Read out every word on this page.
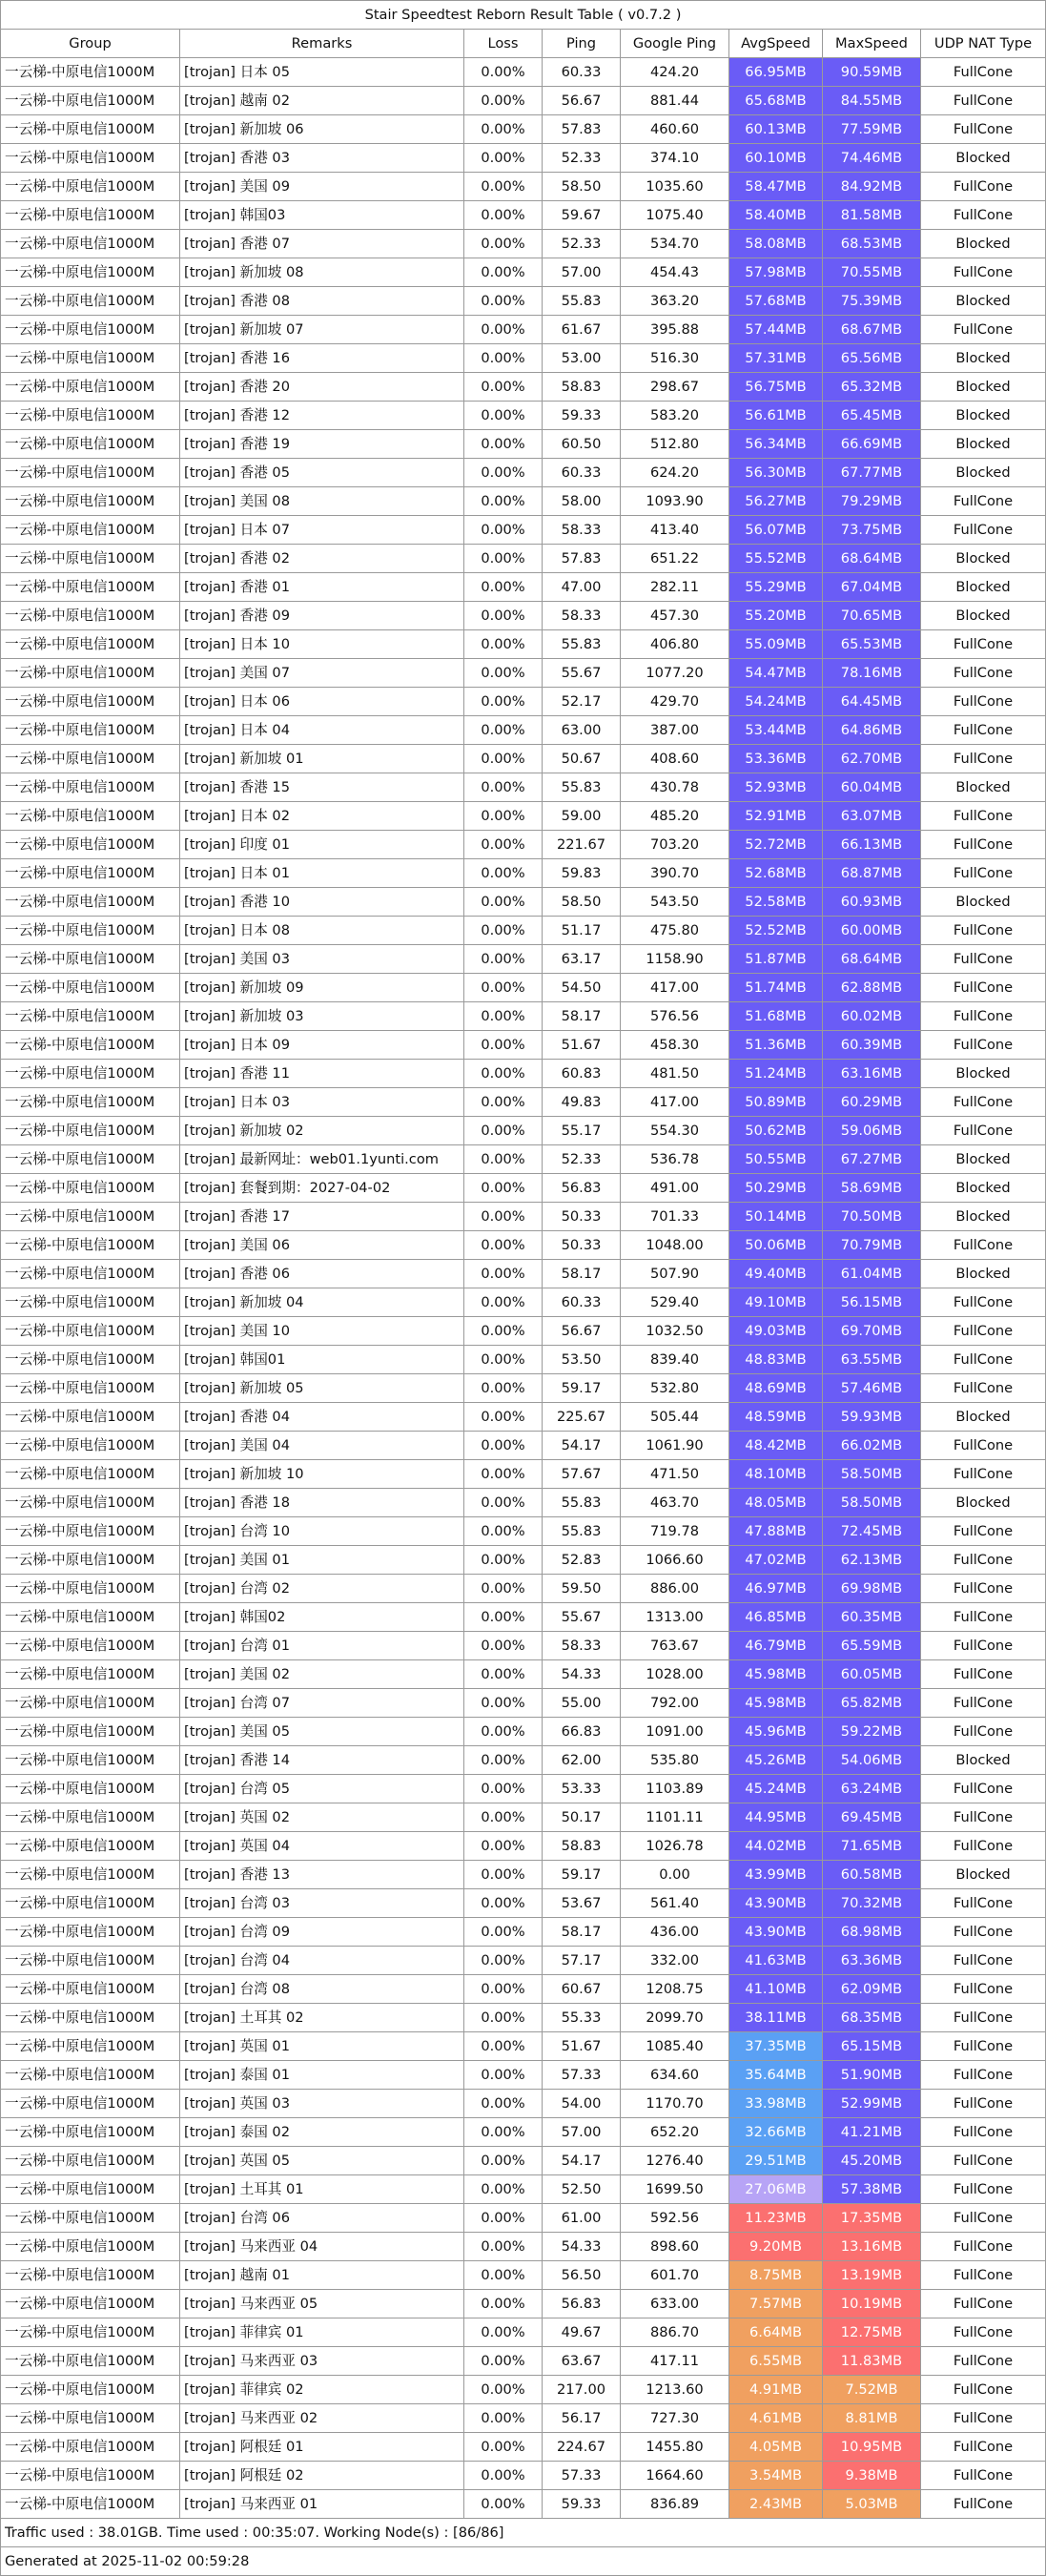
Stair Speedtest Reborn Result Table ( v0.7.2 )							
Group	Remarks	Loss	Ping	Google Ping	AvgSpeed	MaxSpeed	UDP NAT Type
一云梯-中原电信1000M	[trojan] 日本 05	0.00%	60.33	424.20	66.95MB	90.59MB	FullCone
一云梯-中原电信1000M	[trojan] 越南 02	0.00%	56.67	881.44	65.68MB	84.55MB	FullCone
一云梯-中原电信1000M	[trojan] 新加坡 06	0.00%	57.83	460.60	60.13MB	77.59MB	FullCone
一云梯-中原电信1000M	[trojan] 香港 03	0.00%	52.33	374.10	60.10MB	74.46MB	Blocked
一云梯-中原电信1000M	[trojan] 美国 09	0.00%	58.50	1035.60	58.47MB	84.92MB	FullCone
一云梯-中原电信1000M	[trojan] 韩国03	0.00%	59.67	1075.40	58.40MB	81.58MB	FullCone
一云梯-中原电信1000M	[trojan] 香港 07	0.00%	52.33	534.70	58.08MB	68.53MB	Blocked
一云梯-中原电信1000M	[trojan] 新加坡 08	0.00%	57.00	454.43	57.98MB	70.55MB	FullCone
一云梯-中原电信1000M	[trojan] 香港 08	0.00%	55.83	363.20	57.68MB	75.39MB	Blocked
一云梯-中原电信1000M	[trojan] 新加坡 07	0.00%	61.67	395.88	57.44MB	68.67MB	FullCone
一云梯-中原电信1000M	[trojan] 香港 16	0.00%	53.00	516.30	57.31MB	65.56MB	Blocked
一云梯-中原电信1000M	[trojan] 香港 20	0.00%	58.83	298.67	56.75MB	65.32MB	Blocked
一云梯-中原电信1000M	[trojan] 香港 12	0.00%	59.33	583.20	56.61MB	65.45MB	Blocked
一云梯-中原电信1000M	[trojan] 香港 19	0.00%	60.50	512.80	56.34MB	66.69MB	Blocked
一云梯-中原电信1000M	[trojan] 香港 05	0.00%	60.33	624.20	56.30MB	67.77MB	Blocked
一云梯-中原电信1000M	[trojan] 美国 08	0.00%	58.00	1093.90	56.27MB	79.29MB	FullCone
一云梯-中原电信1000M	[trojan] 日本 07	0.00%	58.33	413.40	56.07MB	73.75MB	FullCone
一云梯-中原电信1000M	[trojan] 香港 02	0.00%	57.83	651.22	55.52MB	68.64MB	Blocked
一云梯-中原电信1000M	[trojan] 香港 01	0.00%	47.00	282.11	55.29MB	67.04MB	Blocked
一云梯-中原电信1000M	[trojan] 香港 09	0.00%	58.33	457.30	55.20MB	70.65MB	Blocked
一云梯-中原电信1000M	[trojan] 日本 10	0.00%	55.83	406.80	55.09MB	65.53MB	FullCone
一云梯-中原电信1000M	[trojan] 美国 07	0.00%	55.67	1077.20	54.47MB	78.16MB	FullCone
一云梯-中原电信1000M	[trojan] 日本 06	0.00%	52.17	429.70	54.24MB	64.45MB	FullCone
一云梯-中原电信1000M	[trojan] 日本 04	0.00%	63.00	387.00	53.44MB	64.86MB	FullCone
一云梯-中原电信1000M	[trojan] 新加坡 01	0.00%	50.67	408.60	53.36MB	62.70MB	FullCone
一云梯-中原电信1000M	[trojan] 香港 15	0.00%	55.83	430.78	52.93MB	60.04MB	Blocked
一云梯-中原电信1000M	[trojan] 日本 02	0.00%	59.00	485.20	52.91MB	63.07MB	FullCone
一云梯-中原电信1000M	[trojan] 印度 01	0.00%	221.67	703.20	52.72MB	66.13MB	FullCone
一云梯-中原电信1000M	[trojan] 日本 01	0.00%	59.83	390.70	52.68MB	68.87MB	FullCone
一云梯-中原电信1000M	[trojan] 香港 10	0.00%	58.50	543.50	52.58MB	60.93MB	Blocked
一云梯-中原电信1000M	[trojan] 日本 08	0.00%	51.17	475.80	52.52MB	60.00MB	FullCone
一云梯-中原电信1000M	[trojan] 美国 03	0.00%	63.17	1158.90	51.87MB	68.64MB	FullCone
一云梯-中原电信1000M	[trojan] 新加坡 09	0.00%	54.50	417.00	51.74MB	62.88MB	FullCone
一云梯-中原电信1000M	[trojan] 新加坡 03	0.00%	58.17	576.56	51.68MB	60.02MB	FullCone
一云梯-中原电信1000M	[trojan] 日本 09	0.00%	51.67	458.30	51.36MB	60.39MB	FullCone
一云梯-中原电信1000M	[trojan] 香港 11	0.00%	60.83	481.50	51.24MB	63.16MB	Blocked
一云梯-中原电信1000M	[trojan] 日本 03	0.00%	49.83	417.00	50.89MB	60.29MB	FullCone
一云梯-中原电信1000M	[trojan] 新加坡 02	0.00%	55.17	554.30	50.62MB	59.06MB	FullCone
一云梯-中原电信1000M	[trojan] 最新网址：web01.1yunti.com	0.00%	52.33	536.78	50.55MB	67.27MB	Blocked
一云梯-中原电信1000M	[trojan] 套餐到期：2027-04-02	0.00%	56.83	491.00	50.29MB	58.69MB	Blocked
一云梯-中原电信1000M	[trojan] 香港 17	0.00%	50.33	701.33	50.14MB	70.50MB	Blocked
一云梯-中原电信1000M	[trojan] 美国 06	0.00%	50.33	1048.00	50.06MB	70.79MB	FullCone
一云梯-中原电信1000M	[trojan] 香港 06	0.00%	58.17	507.90	49.40MB	61.04MB	Blocked
一云梯-中原电信1000M	[trojan] 新加坡 04	0.00%	60.33	529.40	49.10MB	56.15MB	FullCone
一云梯-中原电信1000M	[trojan] 美国 10	0.00%	56.67	1032.50	49.03MB	69.70MB	FullCone
一云梯-中原电信1000M	[trojan] 韩国01	0.00%	53.50	839.40	48.83MB	63.55MB	FullCone
一云梯-中原电信1000M	[trojan] 新加坡 05	0.00%	59.17	532.80	48.69MB	57.46MB	FullCone
一云梯-中原电信1000M	[trojan] 香港 04	0.00%	225.67	505.44	48.59MB	59.93MB	Blocked
一云梯-中原电信1000M	[trojan] 美国 04	0.00%	54.17	1061.90	48.42MB	66.02MB	FullCone
一云梯-中原电信1000M	[trojan] 新加坡 10	0.00%	57.67	471.50	48.10MB	58.50MB	FullCone
一云梯-中原电信1000M	[trojan] 香港 18	0.00%	55.83	463.70	48.05MB	58.50MB	Blocked
一云梯-中原电信1000M	[trojan] 台湾 10	0.00%	55.83	719.78	47.88MB	72.45MB	FullCone
一云梯-中原电信1000M	[trojan] 美国 01	0.00%	52.83	1066.60	47.02MB	62.13MB	FullCone
一云梯-中原电信1000M	[trojan] 台湾 02	0.00%	59.50	886.00	46.97MB	69.98MB	FullCone
一云梯-中原电信1000M	[trojan] 韩国02	0.00%	55.67	1313.00	46.85MB	60.35MB	FullCone
一云梯-中原电信1000M	[trojan] 台湾 01	0.00%	58.33	763.67	46.79MB	65.59MB	FullCone
一云梯-中原电信1000M	[trojan] 美国 02	0.00%	54.33	1028.00	45.98MB	60.05MB	FullCone
一云梯-中原电信1000M	[trojan] 台湾 07	0.00%	55.00	792.00	45.98MB	65.82MB	FullCone
一云梯-中原电信1000M	[trojan] 美国 05	0.00%	66.83	1091.00	45.96MB	59.22MB	FullCone
一云梯-中原电信1000M	[trojan] 香港 14	0.00%	62.00	535.80	45.26MB	54.06MB	Blocked
一云梯-中原电信1000M	[trojan] 台湾 05	0.00%	53.33	1103.89	45.24MB	63.24MB	FullCone
一云梯-中原电信1000M	[trojan] 英国 02	0.00%	50.17	1101.11	44.95MB	69.45MB	FullCone
一云梯-中原电信1000M	[trojan] 英国 04	0.00%	58.83	1026.78	44.02MB	71.65MB	FullCone
一云梯-中原电信1000M	[trojan] 香港 13	0.00%	59.17	0.00	43.99MB	60.58MB	Blocked
一云梯-中原电信1000M	[trojan] 台湾 03	0.00%	53.67	561.40	43.90MB	70.32MB	FullCone
一云梯-中原电信1000M	[trojan] 台湾 09	0.00%	58.17	436.00	43.90MB	68.98MB	FullCone
一云梯-中原电信1000M	[trojan] 台湾 04	0.00%	57.17	332.00	41.63MB	63.36MB	FullCone
一云梯-中原电信1000M	[trojan] 台湾 08	0.00%	60.67	1208.75	41.10MB	62.09MB	FullCone
一云梯-中原电信1000M	[trojan] 土耳其 02	0.00%	55.33	2099.70	38.11MB	68.35MB	FullCone
一云梯-中原电信1000M	[trojan] 英国 01	0.00%	51.67	1085.40	37.35MB	65.15MB	FullCone
一云梯-中原电信1000M	[trojan] 泰国 01	0.00%	57.33	634.60	35.64MB	51.90MB	FullCone
一云梯-中原电信1000M	[trojan] 英国 03	0.00%	54.00	1170.70	33.98MB	52.99MB	FullCone
一云梯-中原电信1000M	[trojan] 泰国 02	0.00%	57.00	652.20	32.66MB	41.21MB	FullCone
一云梯-中原电信1000M	[trojan] 英国 05	0.00%	54.17	1276.40	29.51MB	45.20MB	FullCone
一云梯-中原电信1000M	[trojan] 土耳其 01	0.00%	52.50	1699.50	27.06MB	57.38MB	FullCone
一云梯-中原电信1000M	[trojan] 台湾 06	0.00%	61.00	592.56	11.23MB	17.35MB	FullCone
一云梯-中原电信1000M	[trojan] 马来西亚 04	0.00%	54.33	898.60	9.20MB	13.16MB	FullCone
一云梯-中原电信1000M	[trojan] 越南 01	0.00%	56.50	601.70	8.75MB	13.19MB	FullCone
一云梯-中原电信1000M	[trojan] 马来西亚 05	0.00%	56.83	633.00	7.57MB	10.19MB	FullCone
一云梯-中原电信1000M	[trojan] 菲律宾 01	0.00%	49.67	886.70	6.64MB	12.75MB	FullCone
一云梯-中原电信1000M	[trojan] 马来西亚 03	0.00%	63.67	417.11	6.55MB	11.83MB	FullCone
一云梯-中原电信1000M	[trojan] 菲律宾 02	0.00%	217.00	1213.60	4.91MB	7.52MB	FullCone
一云梯-中原电信1000M	[trojan] 马来西亚 02	0.00%	56.17	727.30	4.61MB	8.81MB	FullCone
一云梯-中原电信1000M	[trojan] 阿根廷 01	0.00%	224.67	1455.80	4.05MB	10.95MB	FullCone
一云梯-中原电信1000M	[trojan] 阿根廷 02	0.00%	57.33	1664.60	3.54MB	9.38MB	FullCone
一云梯-中原电信1000M	[trojan] 马来西亚 01	0.00%	59.33	836.89	2.43MB	5.03MB	FullCone
Traffic used : 38.01GB. Time used : 00:35:07. Working Node(s) : [86/86]							
Generated at 2025-11-02 00:59:28							
